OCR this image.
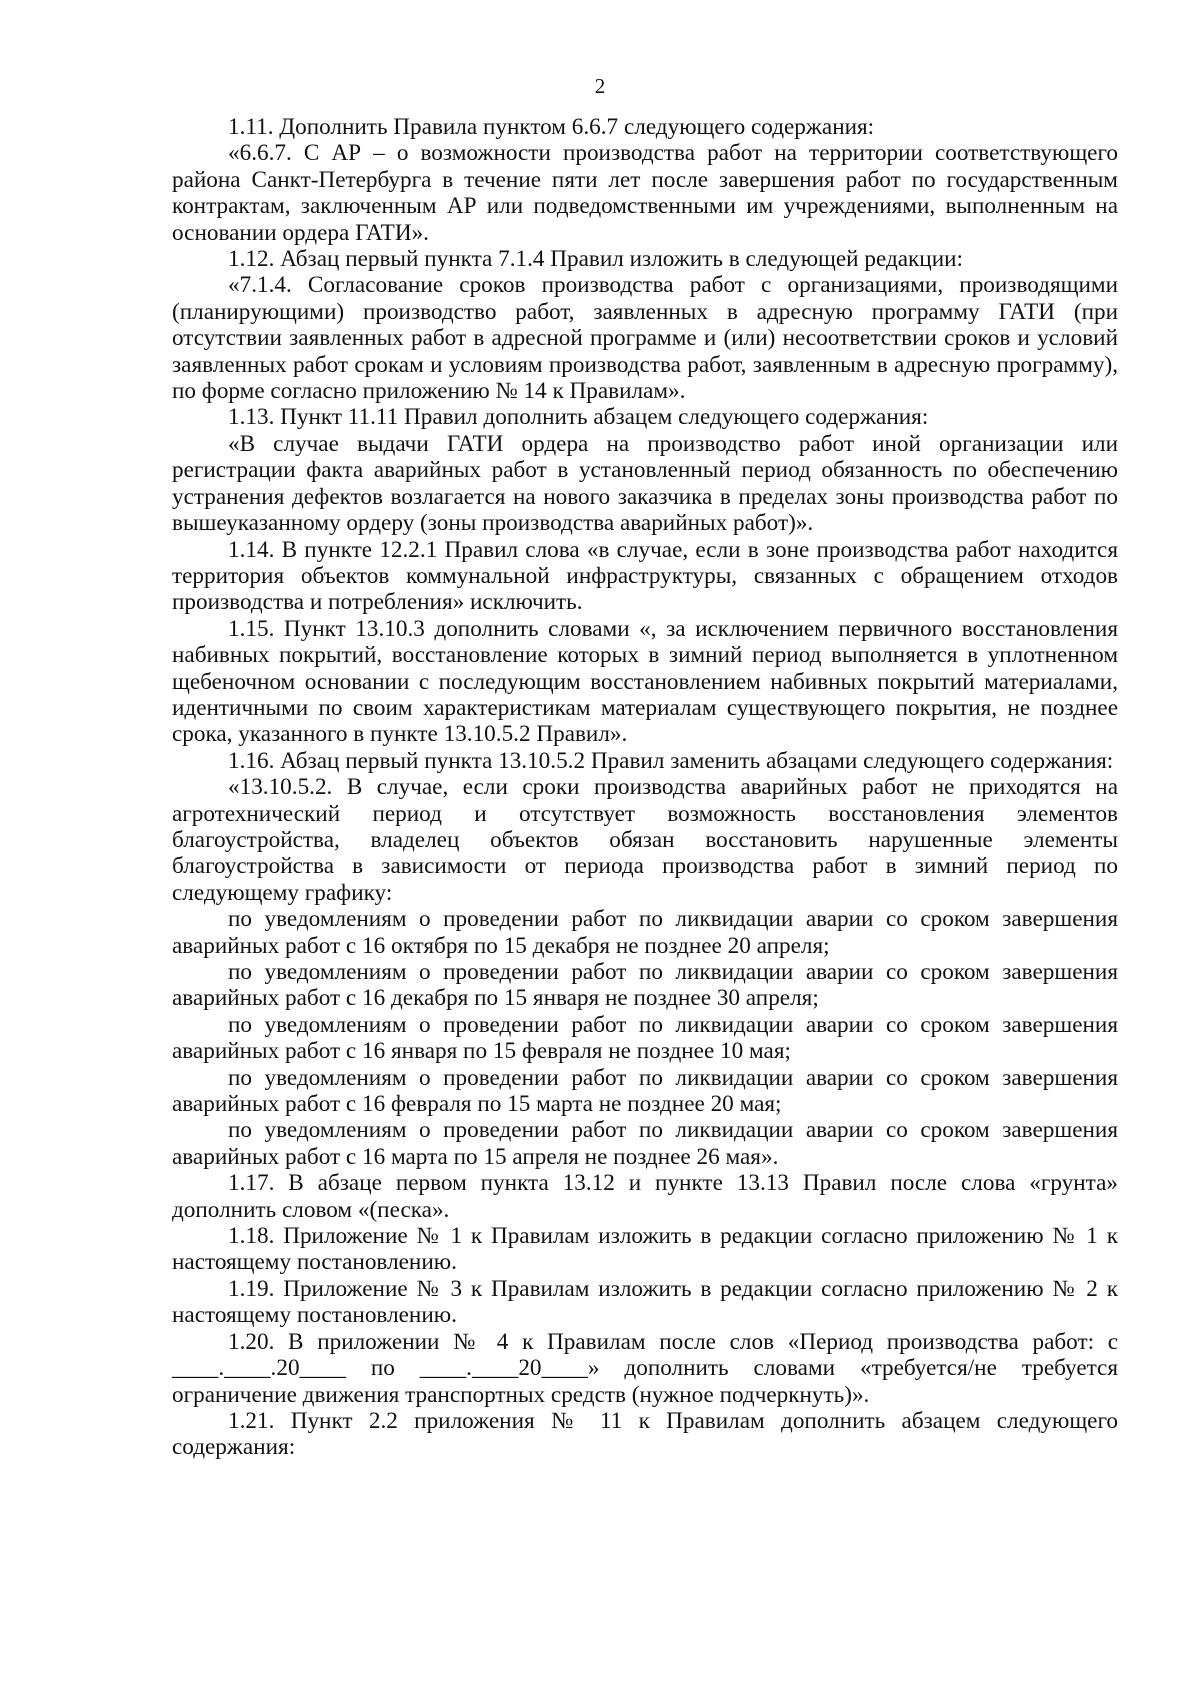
2

1.11. Дополнить Правила пунктом 6.6.7 следующего содержания:

«6.6.7. С АР – о возможности производства работ на территории соответствующего района Санкт-Петербурга в течение пяти лет после завершения работ по государственным контрактам, заключенным АР или подведомственными им учреждениями, выполненным на основании ордера ГАТИ».

1.12. Абзац первый пункта 7.1.4 Правил изложить в следующей редакции:

«7.1.4. Согласование сроков производства работ с организациями, производящими (планирующими) производство работ, заявленных в адресную программу ГАТИ (при отсутствии заявленных работ в адресной программе и (или) несоответствии сроков и условий заявленных работ срокам и условиям производства работ, заявленным в адресную программу), по форме согласно приложению № 14 к Правилам».

1.13. Пункт 11.11 Правил дополнить абзацем следующего содержания:

«В случае выдачи ГАТИ ордера на производство работ иной организации или регистрации факта аварийных работ в установленный период обязанность по обеспечению устранения дефектов возлагается на нового заказчика в пределах зоны производства работ по вышеуказанному ордеру (зоны производства аварийных работ)».

1.14. В пункте 12.2.1 Правил слова «в случае, если в зоне производства работ находится территория объектов коммунальной инфраструктуры, связанных с обращением отходов производства и потребления» исключить.

1.15. Пункт 13.10.3 дополнить словами «, за исключением первичного восстановления набивных покрытий, восстановление которых в зимний период выполняется в уплотненном щебеночном основании с последующим восстановлением набивных покрытий материалами, идентичными по своим характеристикам материалам существующего покрытия, не позднее срока, указанного в пункте 13.10.5.2 Правил».

1.16. Абзац первый пункта 13.10.5.2 Правил заменить абзацами следующего содержания:

«13.10.5.2. В случае, если сроки производства аварийных работ не приходятся на агротехнический период и отсутствует возможность восстановления элементов благоустройства, владелец объектов обязан восстановить нарушенные элементы благоустройства в зависимости от периода производства работ в зимний период по следующему графику:

по уведомлениям о проведении работ по ликвидации аварии со сроком завершения аварийных работ с 16 октября по 15 декабря не позднее 20 апреля;

по уведомлениям о проведении работ по ликвидации аварии со сроком завершения аварийных работ с 16 декабря по 15 января не позднее 30 апреля;

по уведомлениям о проведении работ по ликвидации аварии со сроком завершения аварийных работ с 16 января по 15 февраля не позднее 10 мая;

по уведомлениям о проведении работ по ликвидации аварии со сроком завершения аварийных работ с 16 февраля по 15 марта не позднее 20 мая;

по уведомлениям о проведении работ по ликвидации аварии со сроком завершения аварийных работ с 16 марта по 15 апреля не позднее 26 мая».

1.17. В абзаце первом пункта 13.12 и пункте 13.13 Правил после слова «грунта» дополнить словом «(песка».

1.18. Приложение № 1 к Правилам изложить в редакции согласно приложению № 1 к настоящему постановлению.

1.19. Приложение № 3 к Правилам изложить в редакции согласно приложению № 2 к настоящему постановлению.

1.20. В приложении № 4 к Правилам после слов «Период производства работ: с ____.____.20____ по ____.____20____» дополнить словами «требуется/не требуется ограничение движения транспортных средств (нужное подчеркнуть)».

1.21. Пункт 2.2 приложения № 11 к Правилам дополнить абзацем следующего содержания:
